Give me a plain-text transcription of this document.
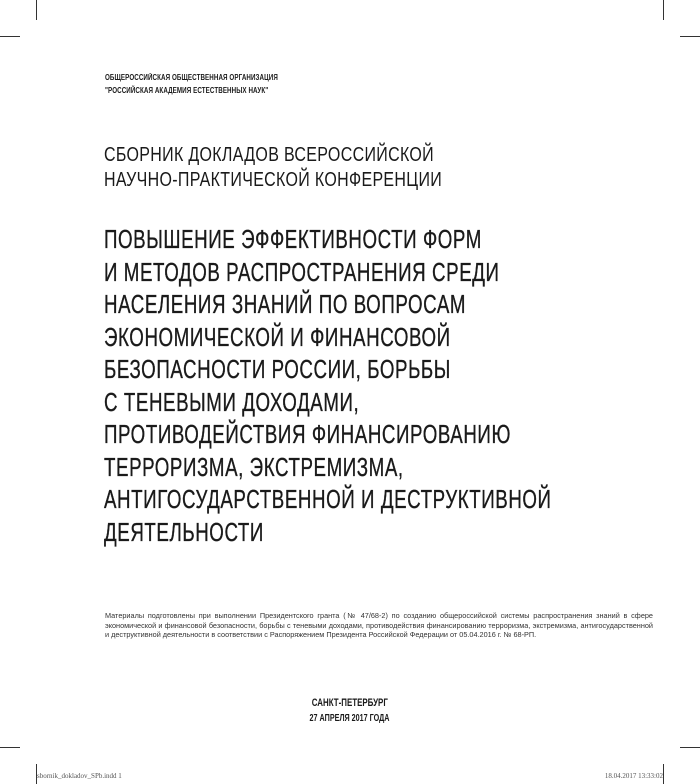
ОБЩЕРОССИЙСКАЯ ОБЩЕСТВЕННАЯ ОРГАНИЗАЦИЯ
"РОССИЙСКАЯ АКАДЕМИЯ ЕСТЕСТВЕННЫХ НАУК"
СБОРНИК ДОКЛАДОВ ВСЕРОССИЙСКОЙ
НАУЧНО-ПРАКТИЧЕСКОЙ КОНФЕРЕНЦИИ
ПОВЫШЕНИЕ ЭФФЕКТИВНОСТИ ФОРМ
И МЕТОДОВ РАСПРОСТРАНЕНИЯ СРЕДИ
НАСЕЛЕНИЯ ЗНАНИЙ ПО ВОПРОСАМ
ЭКОНОМИЧЕСКОЙ И ФИНАНСОВОЙ
БЕЗОПАСНОСТИ РОССИИ, БОРЬБЫ
С ТЕНЕВЫМИ ДОХОДАМИ,
ПРОТИВОДЕЙСТВИЯ ФИНАНСИРОВАНИЮ
ТЕРРОРИЗМА, ЭКСТРЕМИЗМА,
АНТИГОСУДАРСТВЕННОЙ И ДЕСТРУКТИВНОЙ
ДЕЯТЕЛЬНОСТИ

Материалы подготовлены при выполнении Президентского гранта (№ 47/68-2) по созданию общероссийской системы распространения знаний в сфере экономической и финансовой безопасности, борьбы с теневыми доходами, противодействия финансированию терроризма, экстремизма, антигосударственной и деструктивной деятельности в соответствии с Распоряжением Президента Российской Федерации от 05.04.2016 г. № 68-РП.

САНКТ-ПЕТЕРБУРГ
27 АПРЕЛЯ 2017 ГОДА
sbornik_dokladov_SPb.indd 1	18.04.2017 13:33:02
